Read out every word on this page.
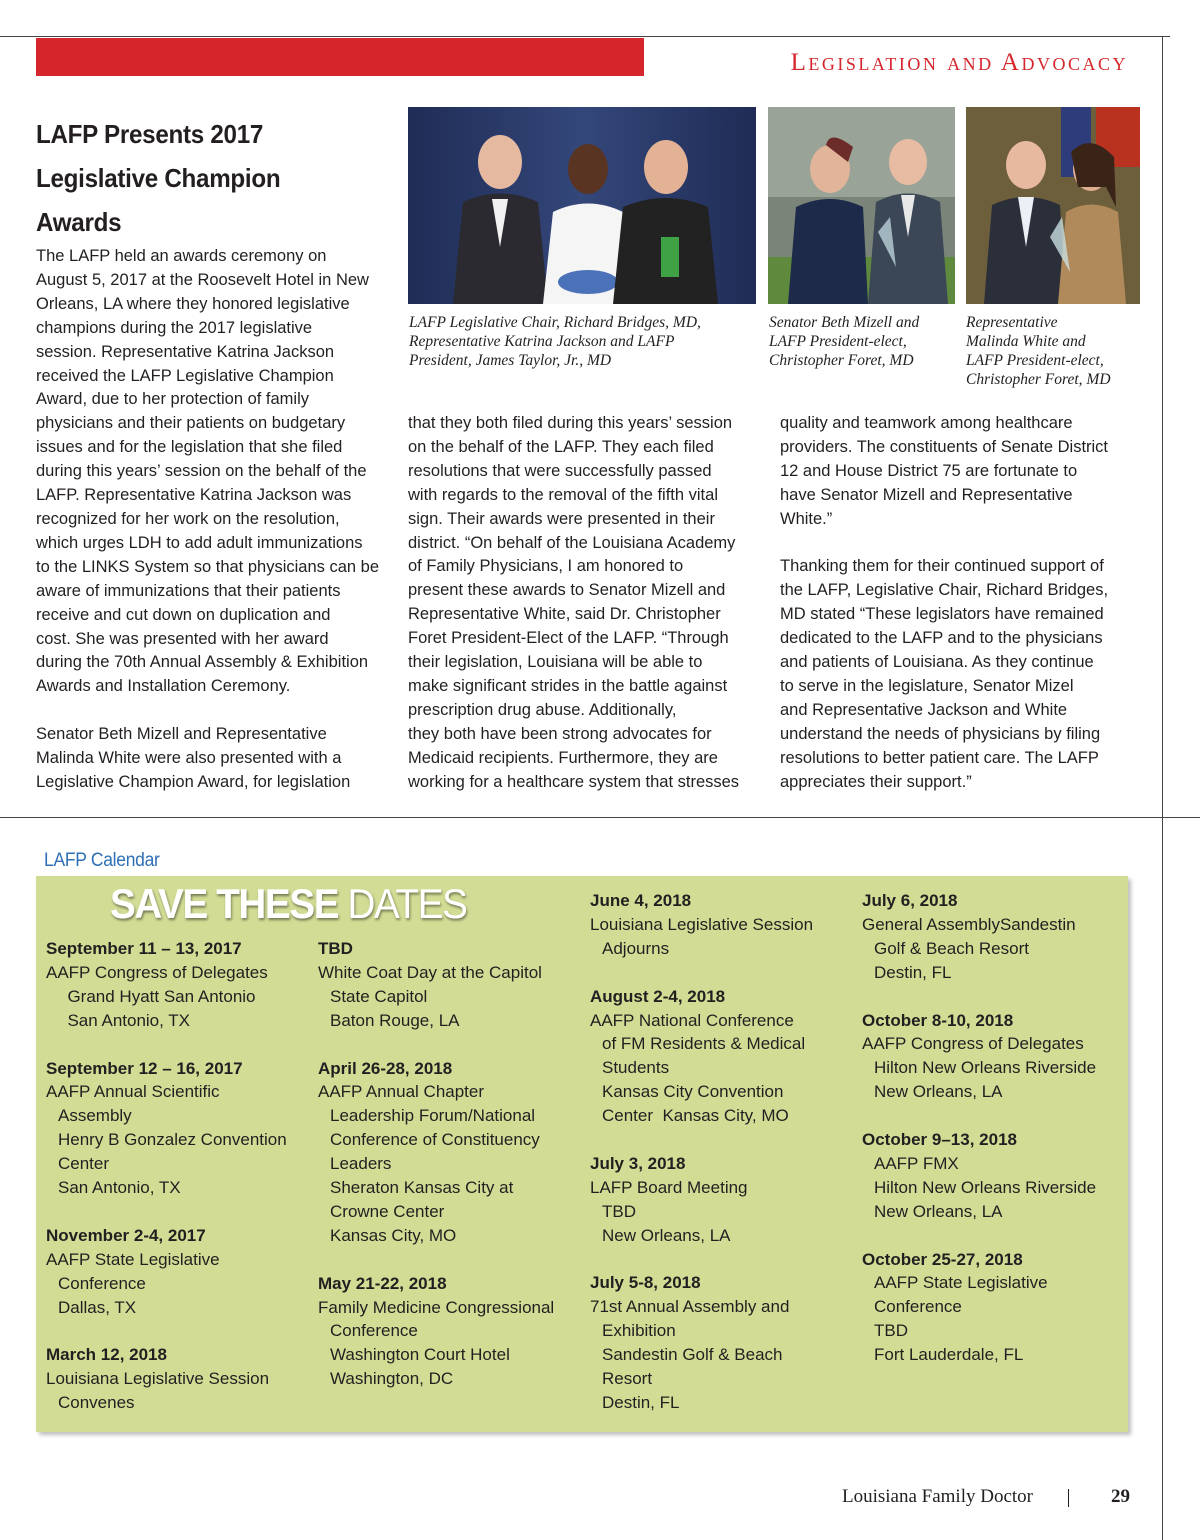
Legislation and Advocacy
LAFP Presents 2017
Legislative Champion Awards
LAFP Legislative Chair, Richard Bridges, MD,
Representative Katrina Jackson and LAFP
President, James Taylor, Jr., MD
Senator Beth Mizell and
LAFP President-elect,
Christopher Foret, MD
Representative
Malinda White and
LAFP President-elect,
Christopher Foret, MD

The LAFP held an awards ceremony on
August 5, 2017 at the Roosevelt Hotel in New
Orleans, LA where they honored legislative
champions during the 2017 legislative
session. Representative Katrina Jackson
received the LAFP Legislative Champion
Award, due to her protection of family
physicians and their patients on budgetary
issues and for the legislation that she filed
during this years’ session on the behalf of the
LAFP. Representative Katrina Jackson was
recognized for her work on the resolution,
which urges LDH to add adult immunizations
to the LINKS System so that physicians can be
aware of immunizations that their patients
receive and cut down on duplication and
cost. She was presented with her award
during the 70th Annual Assembly & Exhibition
Awards and Installation Ceremony.

Senator Beth Mizell and Representative
Malinda White were also presented with a
Legislative Champion Award, for legislation

that they both filed during this years’ session
on the behalf of the LAFP. They each filed
resolutions that were successfully passed
with regards to the removal of the fifth vital
sign. Their awards were presented in their
district. “On behalf of the Louisiana Academy
of Family Physicians, I am honored to
present these awards to Senator Mizell and
Representative White, said Dr. Christopher
Foret President-Elect of the LAFP. “Through
their legislation, Louisiana will be able to
make significant strides in the battle against
prescription drug abuse. Additionally,
they both have been strong advocates for
Medicaid recipients. Furthermore, they are
working for a healthcare system that stresses

quality and teamwork among healthcare
providers. The constituents of Senate District
12 and House District 75 are fortunate to
have Senator Mizell and Representative
White.”

Thanking them for their continued support of
the LAFP, Legislative Chair, Richard Bridges,
MD stated “These legislators have remained
dedicated to the LAFP and to the physicians
and patients of Louisiana. As they continue
to serve in the legislature, Senator Mizel
and Representative Jackson and White
understand the needs of physicians by filing
resolutions to better patient care. The LAFP
appreciates their support.”

LAFP Calendar
SAVE THESE DATES
September 11 – 13, 2017
AAFP Congress of Delegates
Grand Hyatt San Antonio
San Antonio, TX
September 12 – 16, 2017
AAFP Annual Scientific
Assembly
Henry B Gonzalez Convention
Center
San Antonio, TX
November 2-4, 2017
AAFP State Legislative
Conference
Dallas, TX
March 12, 2018
Louisiana Legislative Session
Convenes
TBD
White Coat Day at the Capitol
State Capitol
Baton Rouge, LA
April 26-28, 2018
AAFP Annual Chapter
Leadership Forum/National
Conference of Constituency
Leaders
Sheraton Kansas City at
Crowne Center
Kansas City, MO
May 21-22, 2018
Family Medicine Congressional
Conference
Washington Court Hotel
Washington, DC
June 4, 2018
Louisiana Legislative Session
Adjourns
August 2-4, 2018
AAFP National Conference
of FM Residents & Medical
Students
Kansas City Convention
Center  Kansas City, MO
July 3, 2018
LAFP Board Meeting
TBD
New Orleans, LA
July 5-8, 2018
71st Annual Assembly and
Exhibition
Sandestin Golf & Beach
Resort
Destin, FL
July 6, 2018
General AssemblySandestin
Golf & Beach Resort
Destin, FL
October 8-10, 2018
AAFP Congress of Delegates
Hilton New Orleans Riverside
New Orleans, LA
October 9–13, 2018
AAFP FMX
Hilton New Orleans Riverside
New Orleans, LA
October 25-27, 2018
AAFP State Legislative
Conference
TBD
Fort Lauderdale, FL
Louisiana Family Doctor	29
